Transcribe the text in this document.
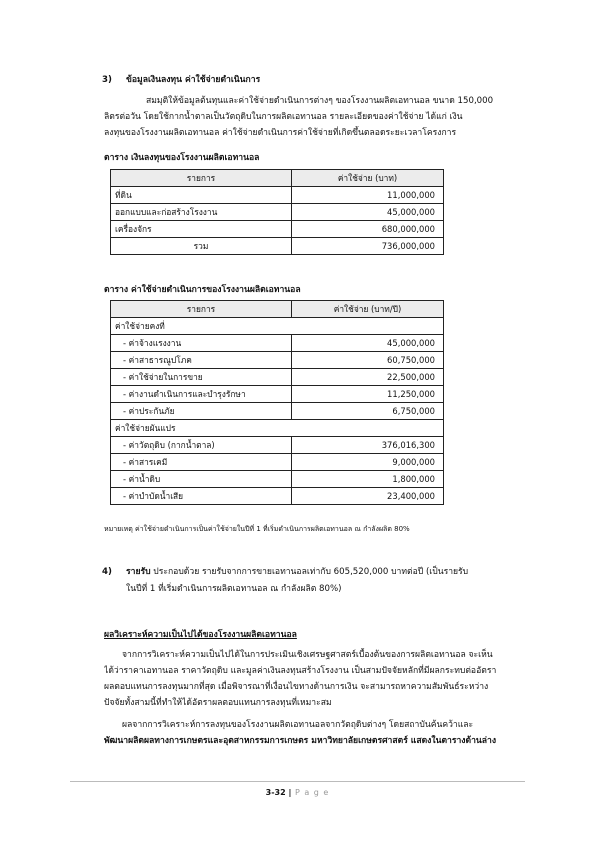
3) ข้อมูลเงินลงทุน ค่าใช้จ่ายดำเนินการ
สมมุติให้ข้อมูลต้นทุนและค่าใช้จ่ายดำเนินการต่างๆ ของโรงงานผลิตเอทานอล ขนาด 150,000
ลิตรต่อวัน โดยใช้กากน้ำตาลเป็นวัตถุดิบในการผลิตเอทานอล รายละเอียดของค่าใช้จ่าย ได้แก่ เงิน
ลงทุนของโรงงานผลิตเอทานอล ค่าใช้จ่ายดำเนินการค่าใช้จ่ายที่เกิดขึ้นตลอดระยะเวลาโครงการ
ตาราง เงินลงทุนของโรงงานผลิตเอทานอล
รายการ	ค่าใช้จ่าย (บาท)
ที่ดิน	11,000,000
ออกแบบและก่อสร้างโรงงาน	45,000,000
เครื่องจักร	680,000,000
รวม	736,000,000
ตาราง ค่าใช้จ่ายดำเนินการของโรงงานผลิตเอทานอล
รายการ	ค่าใช้จ่าย (บาท/ปี)
ค่าใช้จ่ายคงที่	
- ค่าจ้างแรงงาน	45,000,000
- ค่าสาธารณูปโภค	60,750,000
- ค่าใช้จ่ายในการขาย	22,500,000
- ค่างานดำเนินการและบำรุงรักษา	11,250,000
- ค่าประกันภัย	6,750,000
ค่าใช้จ่ายผันแปร	
- ค่าวัตถุดิบ (กากน้ำตาล)	376,016,300
- ค่าสารเคมี	9,000,000
- ค่าน้ำดิบ	1,800,000
- ค่าบำบัดน้ำเสีย	23,400,000
หมายเหตุ ค่าใช้จ่ายดำเนินการเป็นค่าใช้จ่ายในปีที่ 1 ที่เริ่มดำเนินการผลิตเอทานอล ณ กำลังผลิต 80%
4) รายรับ ประกอบด้วย รายรับจากการขายเอทานอลเท่ากับ 605,520,000 บาทต่อปี (เป็นรายรับ
ในปีที่ 1 ที่เริ่มดำเนินการผลิตเอทานอล ณ กำลังผลิต 80%)
ผลวิเคราะห์ความเป็นไปได้ของโรงงานผลิตเอทานอล
จากการวิเคราะห์ความเป็นไปได้ในการประเมินเชิงเศรษฐศาสตร์เบื้องต้นของการผลิตเอทานอล จะเห็น
ได้ว่าราคาเอทานอล ราคาวัตถุดิบ และมูลค่าเงินลงทุนสร้างโรงงาน เป็นสามปัจจัยหลักที่มีผลกระทบต่ออัตรา
ผลตอบแทนการลงทุนมากที่สุด เมื่อพิจารณาที่เงื่อนไขทางด้านการเงิน จะสามารถหาความสัมพันธ์ระหว่าง
ปัจจัยทั้งสามนี้ที่ทำให้ได้อัตราผลตอบแทนการลงทุนที่เหมาะสม
ผลจากการวิเคราะห์การลงทุนของโรงงานผลิตเอทานอลจากวัตถุดิบต่างๆ โดยสถาบันค้นคว้าและ
พัฒนาผลิตผลทางการเกษตรและอุตสาหกรรมการเกษตร มหาวิทยาลัยเกษตรศาสตร์ แสดงในตารางด้านล่าง
3-32 | P a g e
